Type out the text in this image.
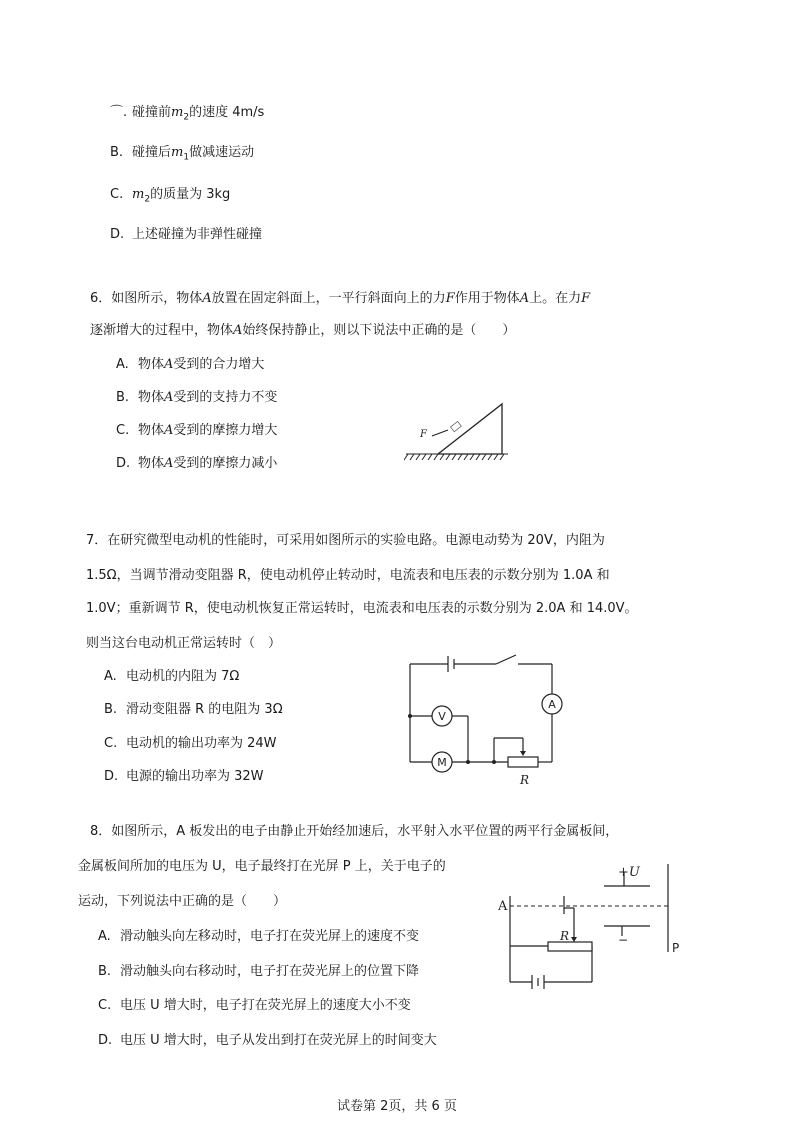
⌒. 碰撞前$m_2$的速度 4m/s
B. 碰撞后$m_1$做减速运动
C. $m_2$的质量为 3kg
D. 上述碰撞为非弹性碰撞
6．如图所示，物体A放置在固定斜面上，一平行斜面向上的力F作用于物体A上。在力F
逐渐增大的过程中，物体A始终保持静止，则以下说法中正确的是（　　）
A. 物体A受到的合力增大
B. 物体A受到的支持力不变
C. 物体A受到的摩擦力增大
D. 物体A受到的摩擦力减小
F
7．在研究微型电动机的性能时，可采用如图所示的实验电路。电源电动势为 20V，内阻为
1.5Ω，当调节滑动变阻器 R，使电动机停止转动时，电流表和电压表的示数分别为 1.0A 和
1.0V；重新调节 R，使电动机恢复正常运转时，电流表和电压表的示数分别为 2.0A 和 14.0V。
则当这台电动机正常运转时（　）
A. 电动机的内阻为 7Ω
B. 滑动变阻器 R 的电阻为 3Ω
C. 电动机的输出功率为 24W
D. 电源的输出功率为 32W
A
V
M
R
8．如图所示，A 板发出的电子由静止开始经加速后，水平射入水平位置的两平行金属板间，
金属板间所加的电压为 U，电子最终打在光屏 P 上，关于电子的
运动，下列说法中正确的是（　　）
A. 滑动触头向左移动时，电子打在荧光屏上的速度不变
B. 滑动触头向右移动时，电子打在荧光屏上的位置下降
C. 电压 U 增大时，电子打在荧光屏上的速度大小不变
D. 电压 U 增大时，电子从发出到打在荧光屏上的时间变大
+U
−
A
P
R
试卷第 2页，共 6 页
